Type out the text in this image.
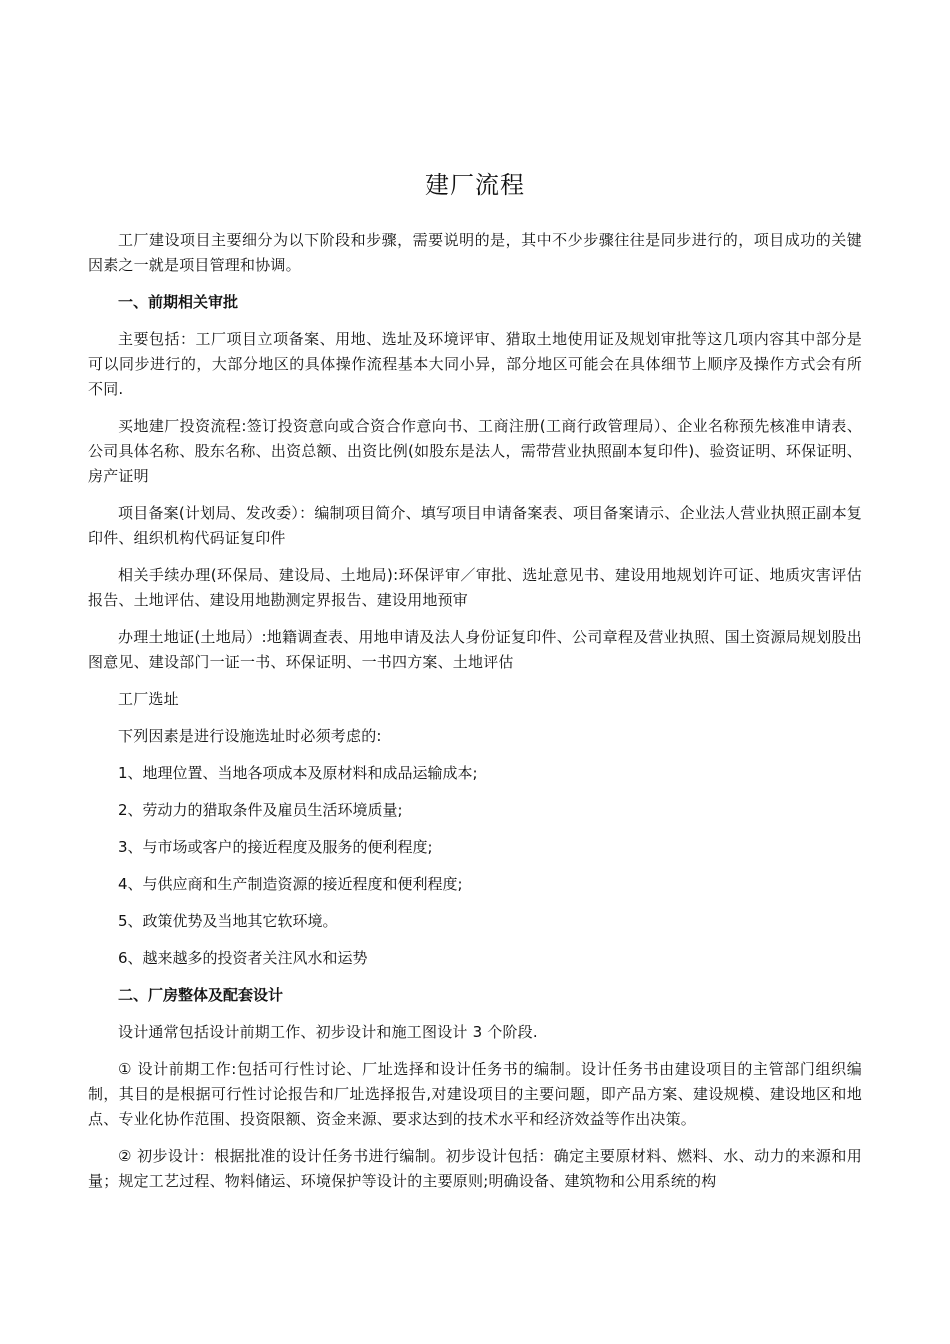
建厂流程

工厂建设项目主要细分为以下阶段和步骤，需要说明的是，其中不少步骤往往是同步进行的，项目成功的关键因素之一就是项目管理和协调。

一、前期相关审批

主要包括：工厂项目立项备案、用地、选址及环境评审、猎取土地使用证及规划审批等这几项内容其中部分是可以同步进行的，大部分地区的具体操作流程基本大同小异，部分地区可能会在具体细节上顺序及操作方式会有所不同.

买地建厂投资流程:签订投资意向或合资合作意向书、工商注册(工商行政管理局）、企业名称预先核准申请表、公司具体名称、股东名称、出资总额、出资比例(如股东是法人，需带营业执照副本复印件)、验资证明、环保证明、房产证明

项目备案(计划局、发改委）：编制项目简介、填写项目申请备案表、项目备案请示、企业法人营业执照正副本复印件、组织机构代码证复印件

相关手续办理(环保局、建设局、土地局):环保评审／审批、选址意见书、建设用地规划许可证、地质灾害评估报告、土地评估、建设用地勘测定界报告、建设用地预审

办理土地证(土地局）:地籍调查表、用地申请及法人身份证复印件、公司章程及营业执照、国土资源局规划股出图意见、建设部门一证一书、环保证明、一书四方案、土地评估

工厂选址

下列因素是进行设施选址时必须考虑的:

1、地理位置、当地各项成本及原材料和成品运输成本;
2、劳动力的猎取条件及雇员生活环境质量;
3、与市场或客户的接近程度及服务的便利程度;
4、与供应商和生产制造资源的接近程度和便利程度;
5、政策优势及当地其它软环境。
6、越来越多的投资者关注风水和运势

二、厂房整体及配套设计

设计通常包括设计前期工作、初步设计和施工图设计 3 个阶段.

① 设计前期工作:包括可行性讨论、厂址选择和设计任务书的编制。设计任务书由建设项目的主管部门组织编制，其目的是根据可行性讨论报告和厂址选择报告,对建设项目的主要问题，即产品方案、建设规模、建设地区和地点、专业化协作范围、投资限额、资金来源、要求达到的技术水平和经济效益等作出决策。

② 初步设计：根据批准的设计任务书进行编制。初步设计包括：确定主要原材料、燃料、水、动力的来源和用量；规定工艺过程、物料储运、环境保护等设计的主要原则;明确设备、建筑物和公用系统的构
